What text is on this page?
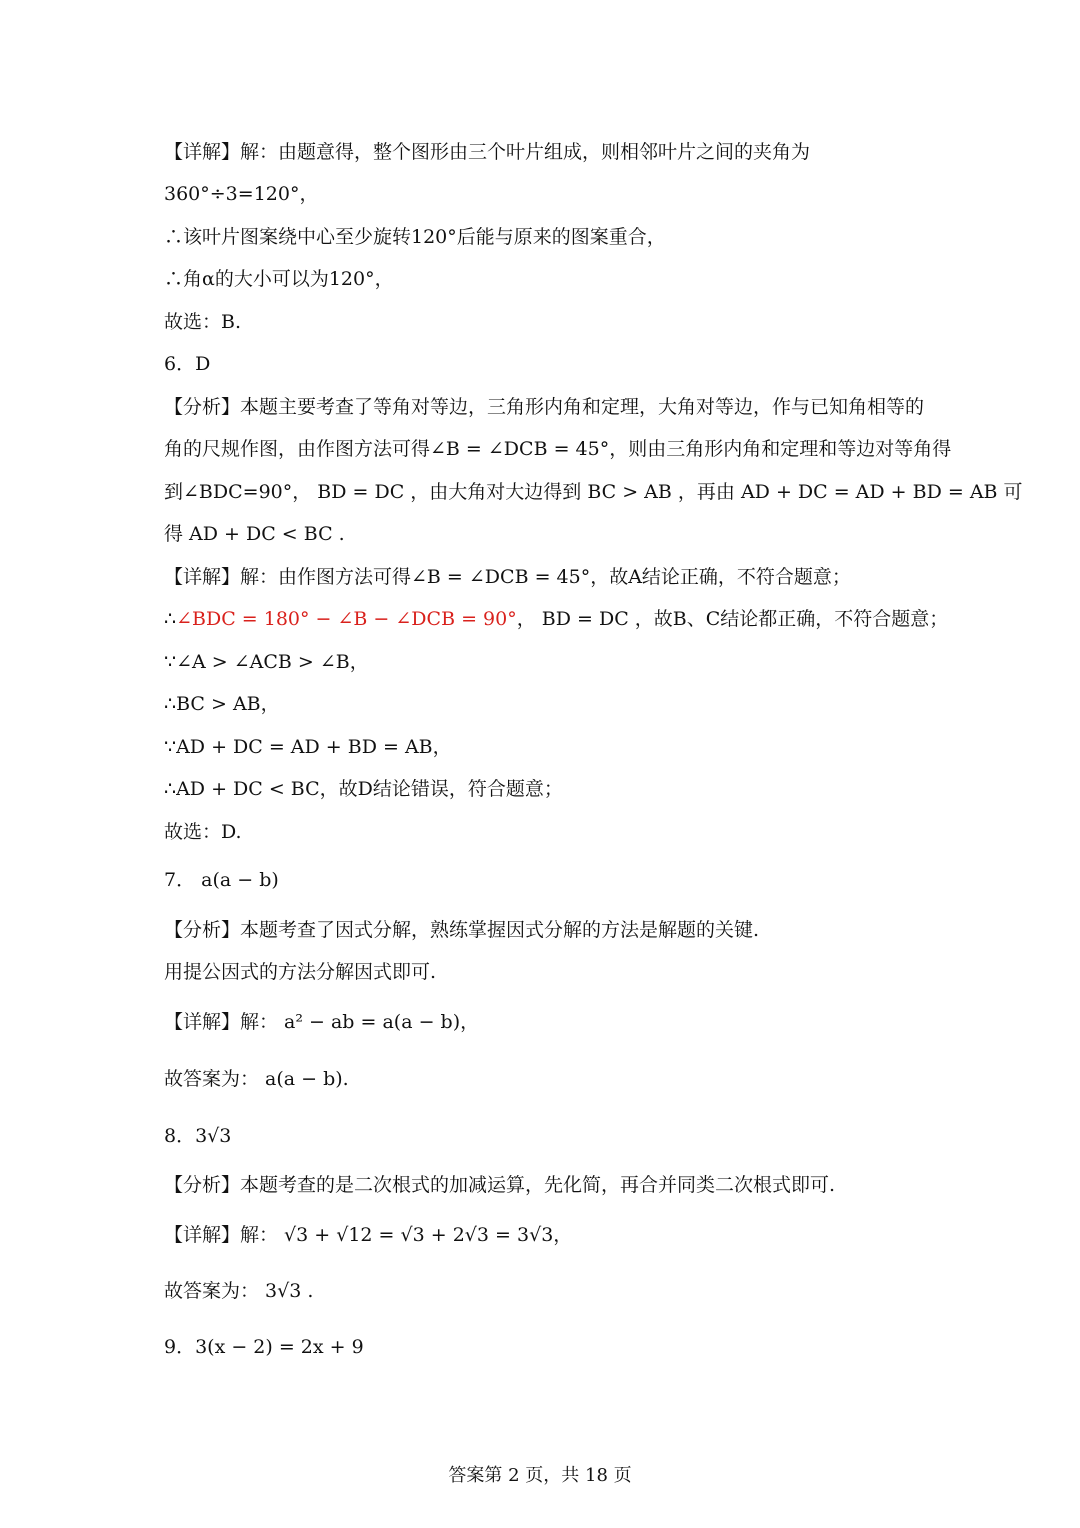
【详解】解：由题意得，整个图形由三个叶片组成，则相邻叶片之间的夹角为
360°÷3=120°，
∴该叶片图案绕中心至少旋转120°后能与原来的图案重合，
∴角α的大小可以为120°，
故选：B.
6．D
【分析】本题主要考查了等角对等边，三角形内角和定理，大角对等边，作与已知角相等的
角的尺规作图，由作图方法可得∠B = ∠DCB = 45°，则由三角形内角和定理和等边对等角得
到∠BDC=90°， BD = DC ，由大角对大边得到 BC > AB ，再由 AD + DC = AD + BD = AB 可
得 AD + DC < BC .
【详解】解：由作图方法可得∠B = ∠DCB = 45°，故A结论正确，不符合题意；
∴∠BDC = 180° − ∠B − ∠DCB = 90°， BD = DC ，故B、C结论都正确，不符合题意；
∵∠A > ∠ACB > ∠B，
∴BC > AB，
∵AD + DC = AD + BD = AB，
∴AD + DC < BC，故D结论错误，符合题意；
故选：D.
7． a(a − b)
【分析】本题考查了因式分解，熟练掌握因式分解的方法是解题的关键.
用提公因式的方法分解因式即可.
【详解】解： a² − ab = a(a − b)，
故答案为： a(a − b).
8．3√3
【分析】本题考查的是二次根式的加减运算，先化简，再合并同类二次根式即可.
【详解】解： √3 + √12 = √3 + 2√3 = 3√3，
故答案为： 3√3 .
9．3(x − 2) = 2x + 9
答案第 2 页，共 18 页
